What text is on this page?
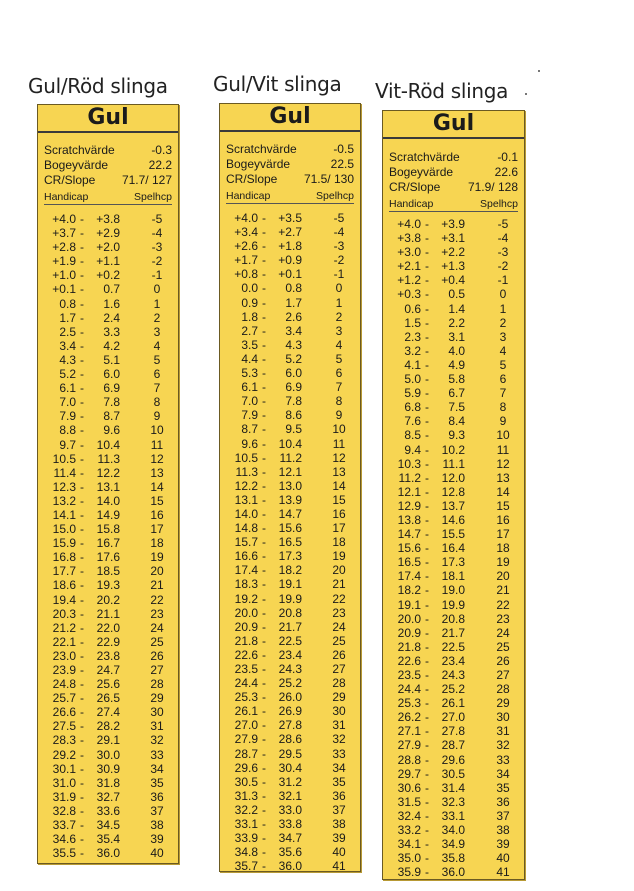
Gul/Röd slinga
Gul
Scratchvärde	-0.3
Bogeyvärde	22.2
CR/Slope 71.7/ 127
Handicap	Spelhcp
+4.0 -	+3.8	-5
+3.7 -	+2.9	-4
+2.8 -	+2.0	-3
+1.9 -	+1.1	-2
+1.0 -	+0.2	-1
+0.1 -	0.7	0
0.8 -	1.6	1
1.7 -	2.4	2
2.5 -	3.3	3
3.4 -	4.2	4
4.3 -	5.1	5
5.2 -	6.0	6
6.1 -	6.9	7
7.0 -	7.8	8
7.9 -	8.7	9
8.8 -	9.6	10
9.7 -	10.4	11
10.5 -	11.3	12
11.4 -	12.2	13
12.3 -	13.1	14
13.2 -	14.0	15
14.1 -	14.9	16
15.0 -	15.8	17
15.9 -	16.7	18
16.8 -	17.6	19
17.7 -	18.5	20
18.6 -	19.3	21
19.4 -	20.2	22
20.3 -	21.1	23
21.2 -	22.0	24
22.1 -	22.9	25
23.0 -	23.8	26
23.9 -	24.7	27
24.8 -	25.6	28
25.7 -	26.5	29
26.6 -	27.4	30
27.5 -	28.2	31
28.3 -	29.1	32
29.2 -	30.0	33
30.1 -	30.9	34
31.0 -	31.8	35
31.9 -	32.7	36
32.8 -	33.6	37
33.7 -	34.5	38
34.6 -	35.4	39
35.5 -	36.0	40
Gul/Vit slinga
Gul
Scratchvärde	-0.5
Bogeyvärde	22.5
CR/Slope 71.5/ 130
Handicap	Spelhcp
+4.0 -	+3.5	-5
+3.4 -	+2.7	-4
+2.6 -	+1.8	-3
+1.7 -	+0.9	-2
+0.8 -	+0.1	-1
0.0 -	0.8	0
0.9 -	1.7	1
1.8 -	2.6	2
2.7 -	3.4	3
3.5 -	4.3	4
4.4 -	5.2	5
5.3 -	6.0	6
6.1 -	6.9	7
7.0 -	7.8	8
7.9 -	8.6	9
8.7 -	9.5	10
9.6 -	10.4	11
10.5 -	11.2	12
11.3 -	12.1	13
12.2 -	13.0	14
13.1 -	13.9	15
14.0 -	14.7	16
14.8 -	15.6	17
15.7 -	16.5	18
16.6 -	17.3	19
17.4 -	18.2	20
18.3 -	19.1	21
19.2 -	19.9	22
20.0 -	20.8	23
20.9 -	21.7	24
21.8 -	22.5	25
22.6 -	23.4	26
23.5 -	24.3	27
24.4 -	25.2	28
25.3 -	26.0	29
26.1 -	26.9	30
27.0 -	27.8	31
27.9 -	28.6	32
28.7 -	29.5	33
29.6 -	30.4	34
30.5 -	31.2	35
31.3 -	32.1	36
32.2 -	33.0	37
33.1 -	33.8	38
33.9 -	34.7	39
34.8 -	35.6	40
35.7 -	36.0	41
Vit-Röd slinga
Gul
Scratchvärde	-0.1
Bogeyvärde	22.6
CR/Slope 71.9/ 128
Handicap	Spelhcp
+4.0 -	+3.9	-5
+3.8 -	+3.1	-4
+3.0 -	+2.2	-3
+2.1 -	+1.3	-2
+1.2 -	+0.4	-1
+0.3 -	0.5	0
0.6 -	1.4	1
1.5 -	2.2	2
2.3 -	3.1	3
3.2 -	4.0	4
4.1 -	4.9	5
5.0 -	5.8	6
5.9 -	6.7	7
6.8 -	7.5	8
7.6 -	8.4	9
8.5 -	9.3	10
9.4 -	10.2	11
10.3 -	11.1	12
11.2 -	12.0	13
12.1 -	12.8	14
12.9 -	13.7	15
13.8 -	14.6	16
14.7 -	15.5	17
15.6 -	16.4	18
16.5 -	17.3	19
17.4 -	18.1	20
18.2 -	19.0	21
19.1 -	19.9	22
20.0 -	20.8	23
20.9 -	21.7	24
21.8 -	22.5	25
22.6 -	23.4	26
23.5 -	24.3	27
24.4 -	25.2	28
25.3 -	26.1	29
26.2 -	27.0	30
27.1 -	27.8	31
27.9 -	28.7	32
28.8 -	29.6	33
29.7 -	30.5	34
30.6 -	31.4	35
31.5 -	32.3	36
32.4 -	33.1	37
33.2 -	34.0	38
34.1 -	34.9	39
35.0 -	35.8	40
35.9 -	36.0	41
